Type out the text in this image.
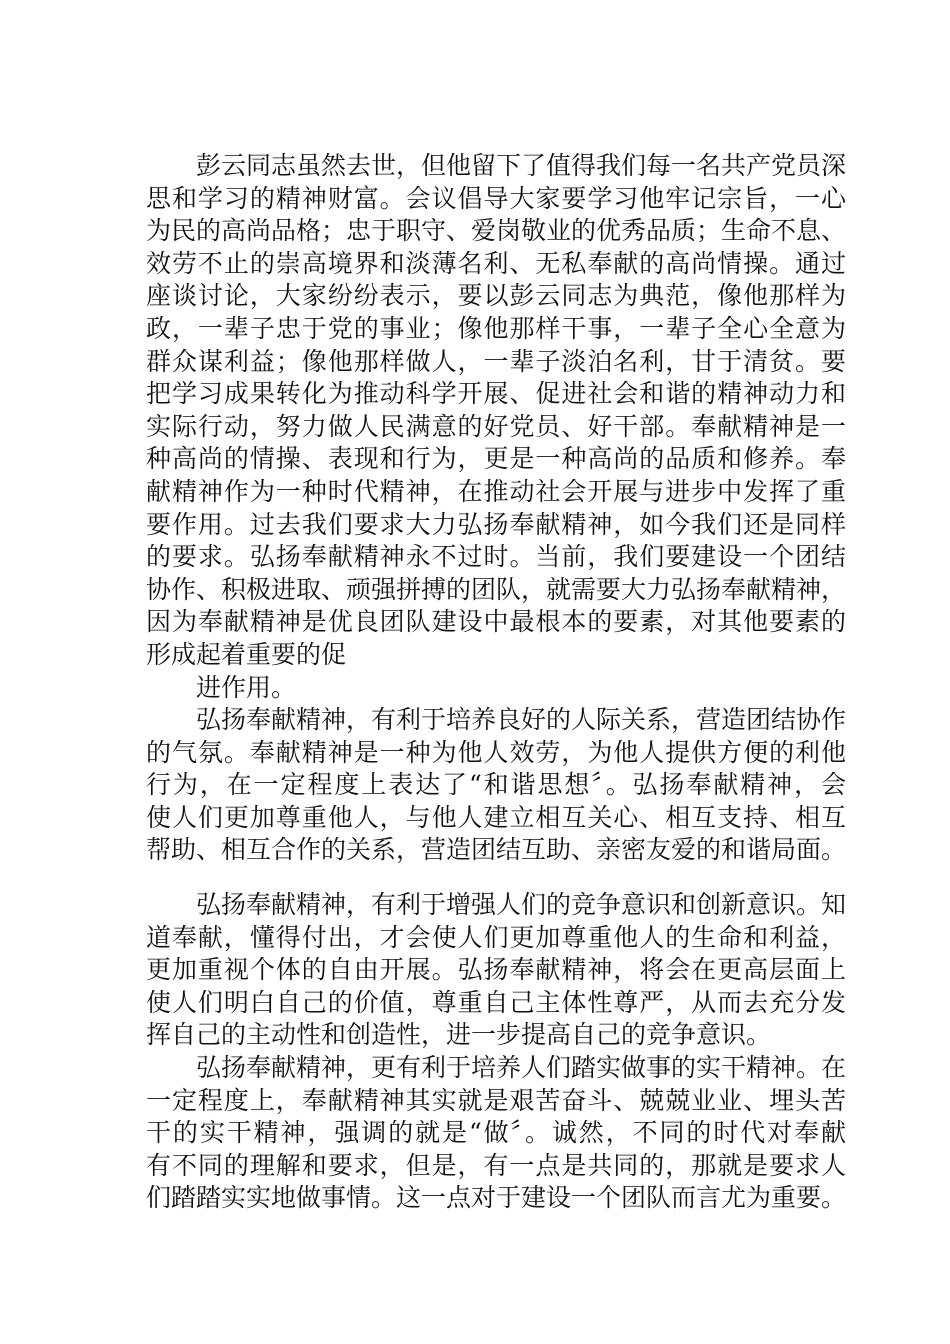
彭云同志虽然去世，但他留下了值得我们每一名共产党员深
思和学习的精神财富。会议倡导大家要学习他牢记宗旨，一心
为民的高尚品格；忠于职守、爱岗敬业的优秀品质；生命不息、
效劳不止的崇高境界和淡薄名利、无私奉献的高尚情操。通过
座谈讨论，大家纷纷表示，要以彭云同志为典范，像他那样为
政，一辈子忠于党的事业；像他那样干事，一辈子全心全意为
群众谋利益；像他那样做人，一辈子淡泊名利，甘于清贫。要
把学习成果转化为推动科学开展、促进社会和谐的精神动力和
实际行动，努力做人民满意的好党员、好干部。奉献精神是一
种高尚的情操、表现和行为，更是一种高尚的品质和修养。奉
献精神作为一种时代精神，在推动社会开展与进步中发挥了重
要作用。过去我们要求大力弘扬奉献精神，如今我们还是同样
的要求。弘扬奉献精神永不过时。当前，我们要建设一个团结
协作、积极进取、顽强拼搏的团队，就需要大力弘扬奉献精神，
因为奉献精神是优良团队建设中最根本的要素，对其他要素的
形成起着重要的促
进作用。
弘扬奉献精神，有利于培养良好的人际关系，营造团结协作
的气氛。奉献精神是一种为他人效劳，为他人提供方便的利他
行为，在一定程度上表达了“和谐思想〞。弘扬奉献精神，会
使人们更加尊重他人，与他人建立相互关心、相互支持、相互
帮助、相互合作的关系，营造团结互助、亲密友爱的和谐局面。
弘扬奉献精神，有利于增强人们的竞争意识和创新意识。知
道奉献，懂得付出，才会使人们更加尊重他人的生命和利益，
更加重视个体的自由开展。弘扬奉献精神，将会在更高层面上
使人们明白自己的价值，尊重自己主体性尊严，从而去充分发
挥自己的主动性和创造性，进一步提高自己的竞争意识。
弘扬奉献精神，更有利于培养人们踏实做事的实干精神。在
一定程度上，奉献精神其实就是艰苦奋斗、兢兢业业、埋头苦
干的实干精神，强调的就是“做〞。诚然，不同的时代对奉献
有不同的理解和要求，但是，有一点是共同的，那就是要求人
们踏踏实实地做事情。这一点对于建设一个团队而言尤为重要。
